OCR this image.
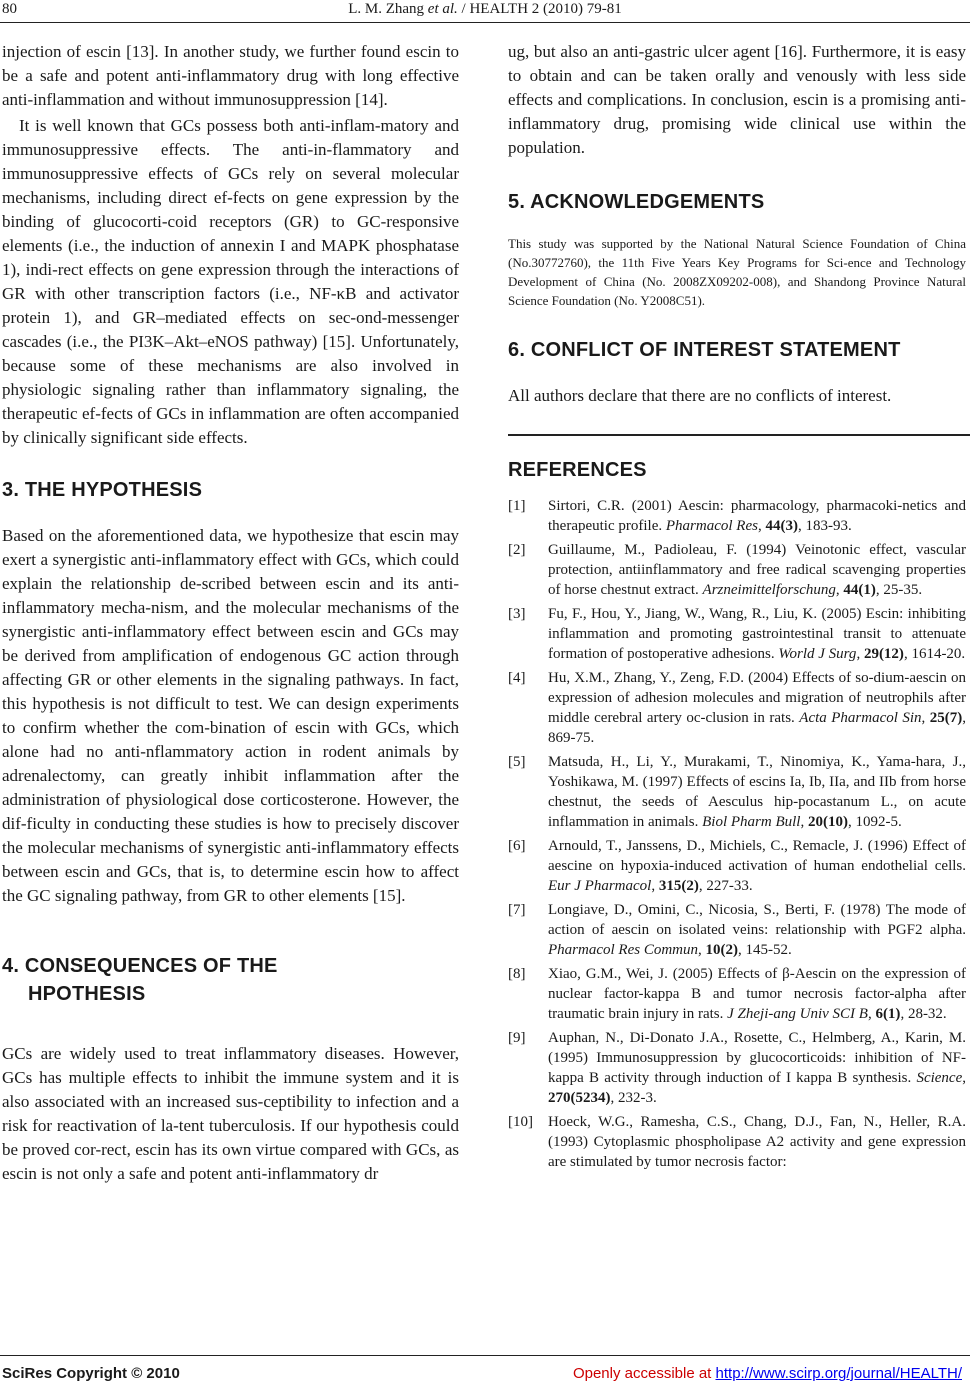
80	L. M. Zhang et al. / HEALTH 2 (2010) 79-81

injection of escin [13]. In another study, we further found escin to be a safe and potent anti-inflammatory drug with long effective anti-inflammation and without immunosuppression [14].

It is well known that GCs possess both anti-inflam-matory and immunosuppressive effects. The anti-in-flammatory and immunosuppressive effects of GCs rely on several molecular mechanisms, including direct ef-fects on gene expression by the binding of glucocorti-coid receptors (GR) to GC-responsive elements (i.e., the induction of annexin I and MAPK phosphatase 1), indi-rect effects on gene expression through the interactions of GR with other transcription factors (i.e., NF-κB and activator protein 1), and GR–mediated effects on sec-ond-messenger cascades (i.e., the PI3K–Akt–eNOS pathway) [15]. Unfortunately, because some of these mechanisms are also involved in physiologic signaling rather than inflammatory signaling, the therapeutic ef-fects of GCs in inflammation are often accompanied by clinically significant side effects.

3. THE HYPOTHESIS

Based on the aforementioned data, we hypothesize that escin may exert a synergistic anti-inflammatory effect with GCs, which could explain the relationship de-scribed between escin and its anti-inflammatory mecha-nism, and the molecular mechanisms of the synergistic anti-inflammatory effect between escin and GCs may be derived from amplification of endogenous GC action through affecting GR or other elements in the signaling pathways. In fact, this hypothesis is not difficult to test. We can design experiments to confirm whether the com-bination of escin with GCs, which alone had no anti-nflammatory action in rodent animals by adrenalectomy, can greatly inhibit inflammation after the administration of physiological dose corticosterone. However, the dif-ficulty in conducting these studies is how to precisely discover the molecular mechanisms of synergistic anti-inflammatory effects between escin and GCs, that is, to determine escin how to affect the GC signaling pathway, from GR to other elements [15].

4. CONSEQUENCES OF THE
HPOTHESIS

GCs are widely used to treat inflammatory diseases. However, GCs has multiple effects to inhibit the immune system and it is also associated with an increased sus-ceptibility to infection and a risk for reactivation of la-tent tuberculosis. If our hypothesis could be proved cor-rect, escin has its own virtue compared with GCs, as escin is not only a safe and potent anti-inflammatory dr

ug, but also an anti-gastric ulcer agent [16]. Furthermore, it is easy to obtain and can be taken orally and venously with less side effects and complications. In conclusion, escin is a promising anti-inflammatory drug, promising wide clinical use within the population.

5. ACKNOWLEDGEMENTS

This study was supported by the National Natural Science Foundation of China (No.30772760), the 11th Five Years Key Programs for Sci-ence and Technology Development of China (No. 2008ZX09202-008), and Shandong Province Natural Science Foundation (No. Y2008C51).

6. CONFLICT OF INTEREST STATEMENT

All authors declare that there are no conflicts of interest.

REFERENCES
[1]	Sirtori, C.R. (2001) Aescin: pharmacology, pharmacoki-netics and therapeutic profile. Pharmacol Res, 44(3), 183-93.
[2]	Guillaume, M., Padioleau, F. (1994) Veinotonic effect, vascular protection, antiinflammatory and free radical scavenging properties of horse chestnut extract. Arzneimittelforschung, 44(1), 25-35.
[3]	Fu, F., Hou, Y., Jiang, W., Wang, R., Liu, K. (2005) Escin: inhibiting inflammation and promoting gastrointestinal transit to attenuate formation of postoperative adhesions. World J Surg, 29(12), 1614-20.
[4]	Hu, X.M., Zhang, Y., Zeng, F.D. (2004) Effects of so-dium-aescin on expression of adhesion molecules and migration of neutrophils after middle cerebral artery oc-clusion in rats. Acta Pharmacol Sin, 25(7), 869-75.
[5]	Matsuda, H., Li, Y., Murakami, T., Ninomiya, K., Yama-hara, J., Yoshikawa, M. (1997) Effects of escins Ia, Ib, IIa, and IIb from horse chestnut, the seeds of Aesculus hip-pocastanum L., on acute inflammation in animals. Biol Pharm Bull, 20(10), 1092-5.
[6]	Arnould, T., Janssens, D., Michiels, C., Remacle, J. (1996) Effect of aescine on hypoxia-induced activation of human endothelial cells. Eur J Pharmacol, 315(2), 227-33.
[7]	Longiave, D., Omini, C., Nicosia, S., Berti, F. (1978) The mode of action of aescin on isolated veins: relationship with PGF2 alpha. Pharmacol Res Commun, 10(2), 145-52.
[8]	Xiao, G.M., Wei, J. (2005) Effects of β-Aescin on the expression of nuclear factor-kappa B and tumor necrosis factor-alpha after traumatic brain injury in rats. J Zheji-ang Univ SCI B, 6(1), 28-32.
[9]	Auphan, N., Di-Donato J.A., Rosette, C., Helmberg, A., Karin, M. (1995) Immunosuppression by glucocorticoids: inhibition of NF-kappa B activity through induction of I kappa B synthesis. Science, 270(5234), 232-3.
[10]	Hoeck, W.G., Ramesha, C.S., Chang, D.J., Fan, N., Heller, R.A. (1993) Cytoplasmic phospholipase A2 activity and gene expression are stimulated by tumor necrosis factor:
SciRes Copyright © 2010	Openly accessible at http://www.scirp.org/journal/HEALTH/
